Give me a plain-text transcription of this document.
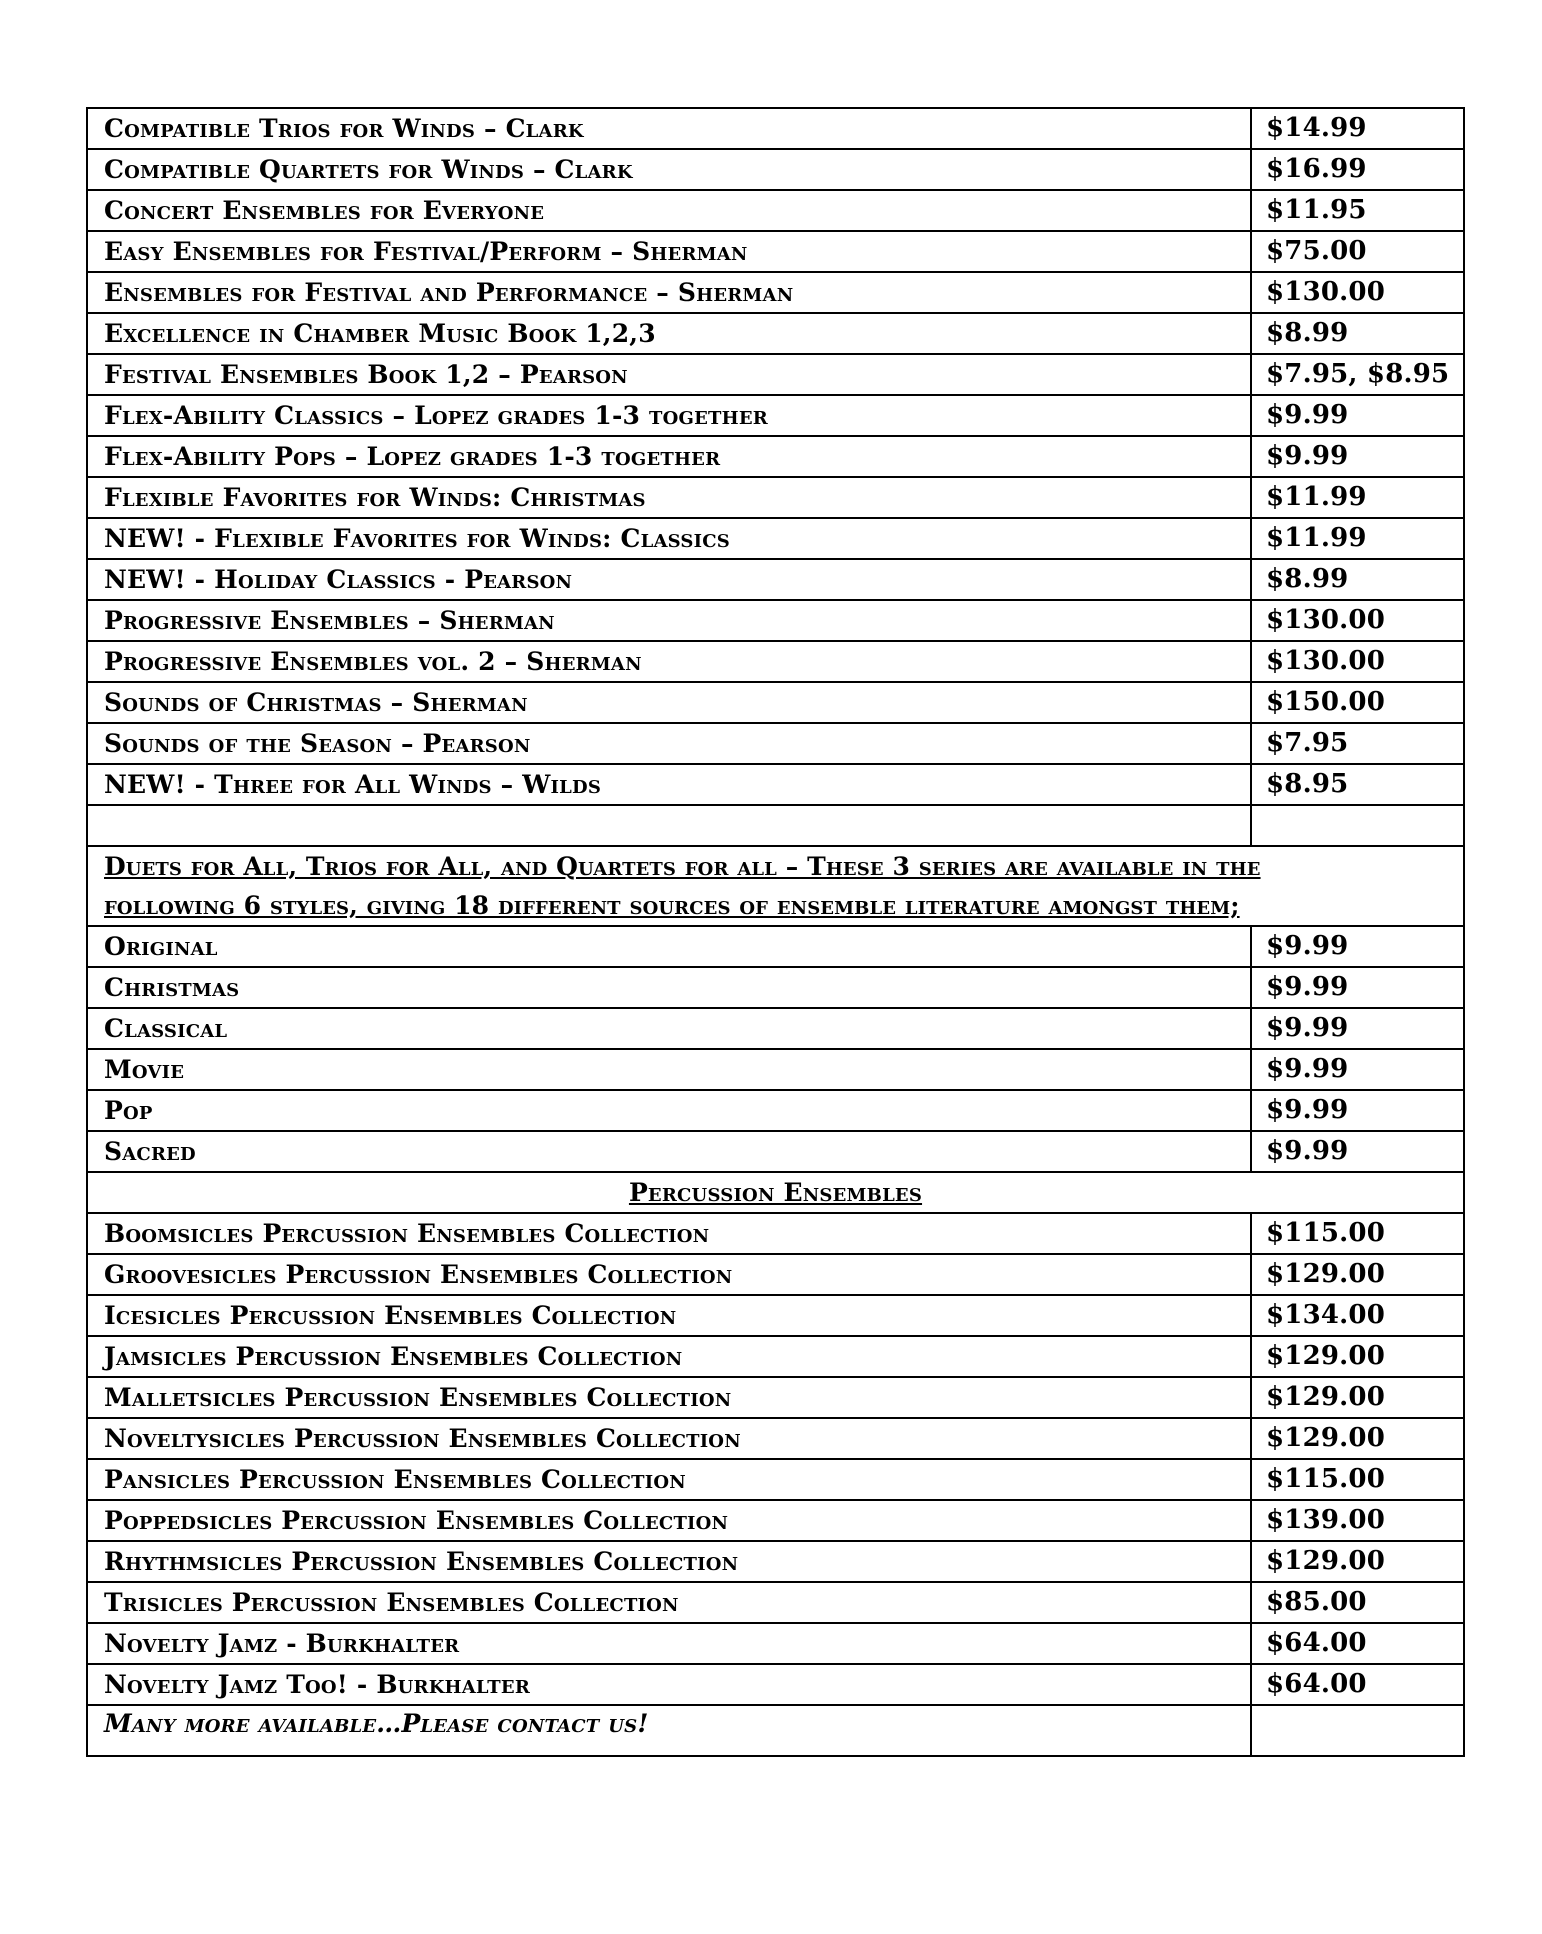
Compatible Trios for Winds – Clark	$14.99
Compatible Quartets for Winds – Clark	$16.99
Concert Ensembles for Everyone	$11.95
Easy Ensembles for Festival/Perform – Sherman	$75.00
Ensembles for Festival and Performance – Sherman	$130.00
Excellence in Chamber Music Book 1,2,3	$8.99
Festival Ensembles Book 1,2 – Pearson	$7.95, $8.95
Flex-Ability Classics – Lopez grades 1-3 together	$9.99
Flex-Ability Pops – Lopez grades 1-3 together	$9.99
Flexible Favorites for Winds: Christmas	$11.99
NEW! - Flexible Favorites for Winds: Classics	$11.99
NEW! - Holiday Classics - Pearson	$8.99
Progressive Ensembles – Sherman	$130.00
Progressive Ensembles vol. 2 – Sherman	$130.00
Sounds of Christmas – Sherman	$150.00
Sounds of the Season – Pearson	$7.95
NEW! - Three for All Winds – Wilds	$8.95

Duets for All, Trios for All, and Quartets for all – These 3 series are available in the
following 6 styles, giving 18 different sources of ensemble literature amongst them;	

Original	$9.99
Christmas	$9.99
Classical	$9.99
Movie	$9.99
Pop	$9.99
Sacred	$9.99
Percussion Ensembles	
Boomsicles Percussion Ensembles Collection	$115.00
Groovesicles Percussion Ensembles Collection	$129.00
Icesicles Percussion Ensembles Collection	$134.00
Jamsicles Percussion Ensembles Collection	$129.00
Malletsicles Percussion Ensembles Collection	$129.00
Noveltysicles Percussion Ensembles Collection	$129.00
Pansicles Percussion Ensembles Collection	$115.00
Poppedsicles Percussion Ensembles Collection	$139.00
Rhythmsicles Percussion Ensembles Collection	$129.00
Trisicles Percussion Ensembles Collection	$85.00
Novelty Jamz - Burkhalter	$64.00
Novelty Jamz Too! - Burkhalter	$64.00
Many more available…Please contact us!	
